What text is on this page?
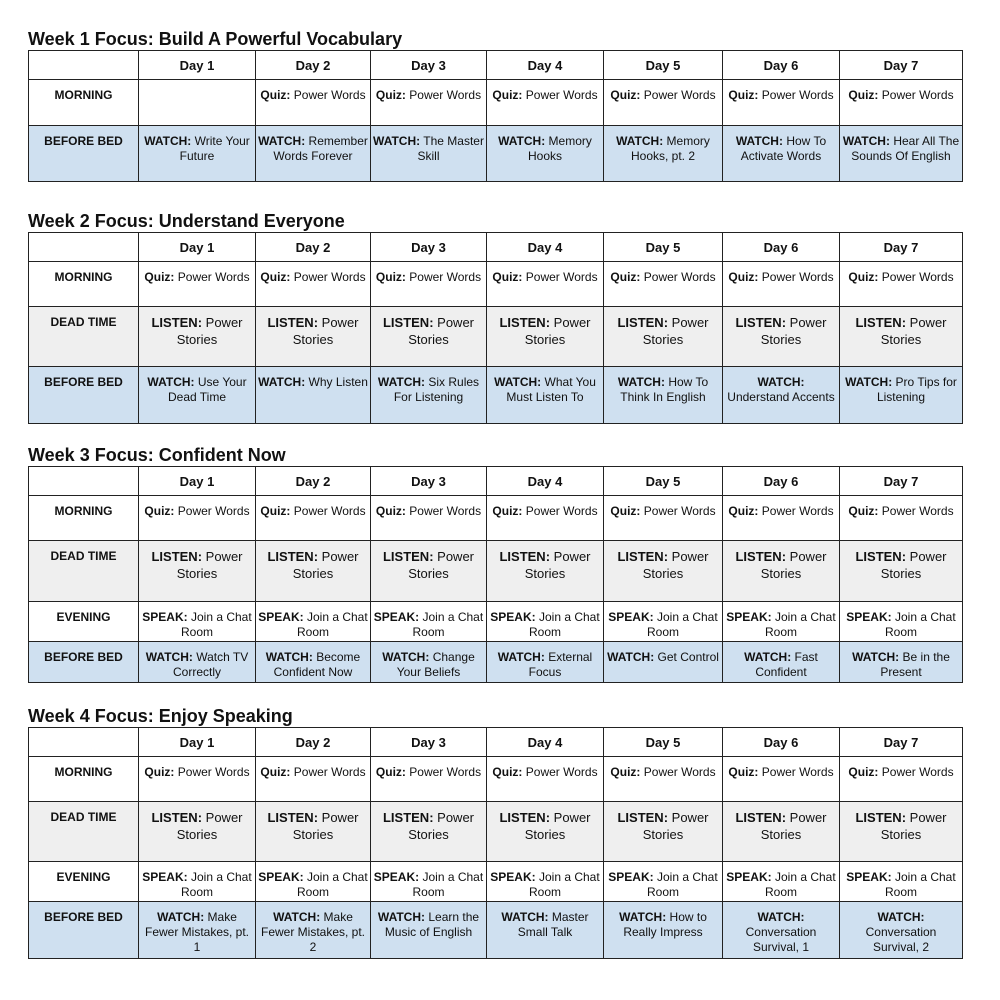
Week 1 Focus: Build A Powerful Vocabulary
	Day 1	Day 2	Day 3	Day 4	Day 5	Day 6	Day 7
MORNING		Quiz: Power Words	Quiz: Power Words	Quiz: Power Words	Quiz: Power Words	Quiz: Power Words	Quiz: Power Words
BEFORE BED	WATCH: Write Your Future	WATCH: Remember Words Forever	WATCH: The Master Skill	WATCH: Memory Hooks	WATCH: Memory Hooks, pt. 2	WATCH: How To Activate Words	WATCH: Hear All The Sounds Of English
Week 2 Focus: Understand Everyone
	Day 1	Day 2	Day 3	Day 4	Day 5	Day 6	Day 7
MORNING	Quiz: Power Words	Quiz: Power Words	Quiz: Power Words	Quiz: Power Words	Quiz: Power Words	Quiz: Power Words	Quiz: Power Words
DEAD TIME	LISTEN: Power Stories	LISTEN: Power Stories	LISTEN: Power Stories	LISTEN: Power Stories	LISTEN: Power Stories	LISTEN: Power Stories	LISTEN: Power Stories
BEFORE BED	WATCH: Use Your Dead Time	WATCH: Why Listen	WATCH: Six Rules For Listening	WATCH: What You Must Listen To	WATCH: How To Think In English	WATCH: Understand Accents	WATCH: Pro Tips for Listening
Week 3 Focus: Confident Now
	Day 1	Day 2	Day 3	Day 4	Day 5	Day 6	Day 7
MORNING	Quiz: Power Words	Quiz: Power Words	Quiz: Power Words	Quiz: Power Words	Quiz: Power Words	Quiz: Power Words	Quiz: Power Words
DEAD TIME	LISTEN: Power Stories	LISTEN: Power Stories	LISTEN: Power Stories	LISTEN: Power Stories	LISTEN: Power Stories	LISTEN: Power Stories	LISTEN: Power Stories
EVENING	SPEAK: Join a Chat Room	SPEAK: Join a Chat Room	SPEAK: Join a Chat Room	SPEAK: Join a Chat Room	SPEAK: Join a Chat Room	SPEAK: Join a Chat Room	SPEAK: Join a Chat Room
BEFORE BED	WATCH: Watch TV Correctly	WATCH: Become Confident Now	WATCH: Change Your Beliefs	WATCH: External Focus	WATCH: Get Control	WATCH: Fast Confident	WATCH: Be in the Present
Week 4 Focus: Enjoy Speaking
	Day 1	Day 2	Day 3	Day 4	Day 5	Day 6	Day 7
MORNING	Quiz: Power Words	Quiz: Power Words	Quiz: Power Words	Quiz: Power Words	Quiz: Power Words	Quiz: Power Words	Quiz: Power Words
DEAD TIME	LISTEN: Power Stories	LISTEN: Power Stories	LISTEN: Power Stories	LISTEN: Power Stories	LISTEN: Power Stories	LISTEN: Power Stories	LISTEN: Power Stories
EVENING	SPEAK: Join a Chat Room	SPEAK: Join a Chat Room	SPEAK: Join a Chat Room	SPEAK: Join a Chat Room	SPEAK: Join a Chat Room	SPEAK: Join a Chat Room	SPEAK: Join a Chat Room
BEFORE BED	WATCH: Make Fewer Mistakes, pt. 1	WATCH: Make Fewer Mistakes, pt. 2	WATCH: Learn the Music of English	WATCH: Master Small Talk	WATCH: How to Really Impress	WATCH: Conversation Survival, 1	WATCH: Conversation Survival, 2
